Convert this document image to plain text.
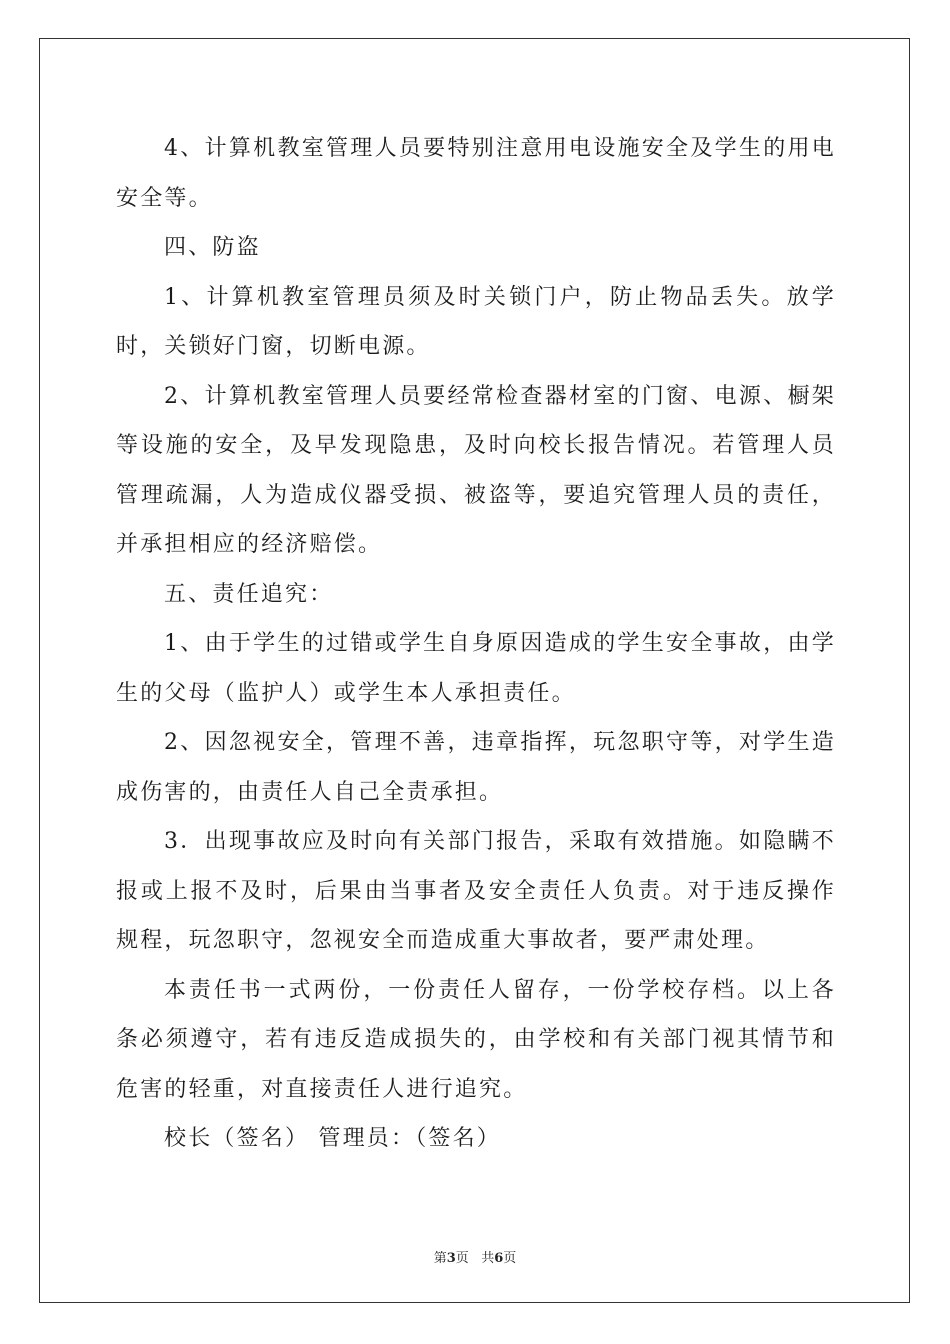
4、计算机教室管理人员要特别注意用电设施安全及学生的用电安全等。

四、防盗

1、计算机教室管理员须及时关锁门户，防止物品丢失。放学时，关锁好门窗，切断电源。

2、计算机教室管理人员要经常检查器材室的门窗、电源、橱架等设施的安全，及早发现隐患，及时向校长报告情况。若管理人员管理疏漏，人为造成仪器受损、被盗等，要追究管理人员的责任，并承担相应的经济赔偿。

五、责任追究：

1、由于学生的过错或学生自身原因造成的学生安全事故，由学生的父母（监护人）或学生本人承担责任。

2、因忽视安全，管理不善，违章指挥，玩忽职守等，对学生造成伤害的，由责任人自己全责承担。

3．出现事故应及时向有关部门报告，采取有效措施。如隐瞒不报或上报不及时，后果由当事者及安全责任人负责。对于违反操作规程，玩忽职守，忽视安全而造成重大事故者，要严肃处理。

本责任书一式两份，一份责任人留存，一份学校存档。以上各条必须遵守，若有违反造成损失的，由学校和有关部门视其情节和危害的轻重，对直接责任人进行追究。

校长（签名） 管理员：（签名）

第3页 共6页
